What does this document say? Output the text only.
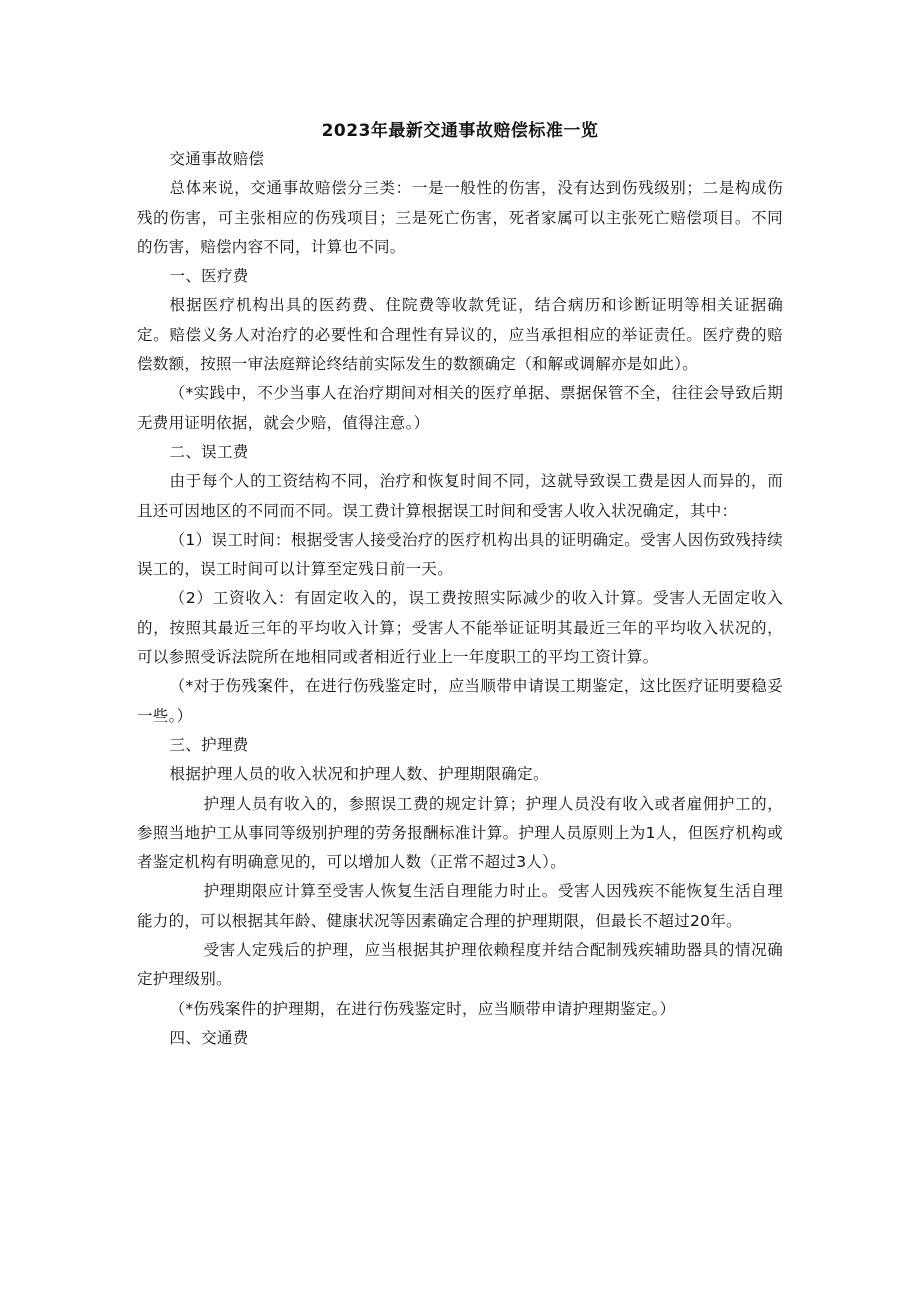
2023年最新交通事故赔偿标准一览

交通事故赔偿

总体来说，交通事故赔偿分三类：一是一般性的伤害，没有达到伤残级别；二是构成伤残的伤害，可主张相应的伤残项目；三是死亡伤害，死者家属可以主张死亡赔偿项目。不同的伤害，赔偿内容不同，计算也不同。

一、医疗费

根据医疗机构出具的医药费、住院费等收款凭证，结合病历和诊断证明等相关证据确定。赔偿义务人对治疗的必要性和合理性有异议的，应当承担相应的举证责任。医疗费的赔偿数额，按照一审法庭辩论终结前实际发生的数额确定（和解或调解亦是如此）。

（*实践中，不少当事人在治疗期间对相关的医疗单据、票据保管不全，往往会导致后期无费用证明依据，就会少赔，值得注意。）

二、误工费

由于每个人的工资结构不同，治疗和恢复时间不同，这就导致误工费是因人而异的，而且还可因地区的不同而不同。误工费计算根据误工时间和受害人收入状况确定，其中：

（1）误工时间：根据受害人接受治疗的医疗机构出具的证明确定。受害人因伤致残持续误工的，误工时间可以计算至定残日前一天。

（2）工资收入：有固定收入的，误工费按照实际减少的收入计算。受害人无固定收入的，按照其最近三年的平均收入计算；受害人不能举证证明其最近三年的平均收入状况的，可以参照受诉法院所在地相同或者相近行业上一年度职工的平均工资计算。

（*对于伤残案件，在进行伤残鉴定时，应当顺带申请误工期鉴定，这比医疗证明要稳妥一些。）

三、护理费

根据护理人员的收入状况和护理人数、护理期限确定。

护理人员有收入的，参照误工费的规定计算；护理人员没有收入或者雇佣护工的，参照当地护工从事同等级别护理的劳务报酬标准计算。护理人员原则上为1人，但医疗机构或者鉴定机构有明确意见的，可以增加人数（正常不超过3人）。

护理期限应计算至受害人恢复生活自理能力时止。受害人因残疾不能恢复生活自理能力的，可以根据其年龄、健康状况等因素确定合理的护理期限，但最长不超过20年。

受害人定残后的护理，应当根据其护理依赖程度并结合配制残疾辅助器具的情况确定护理级别。

（*伤残案件的护理期，在进行伤残鉴定时，应当顺带申请护理期鉴定。）

四、交通费
